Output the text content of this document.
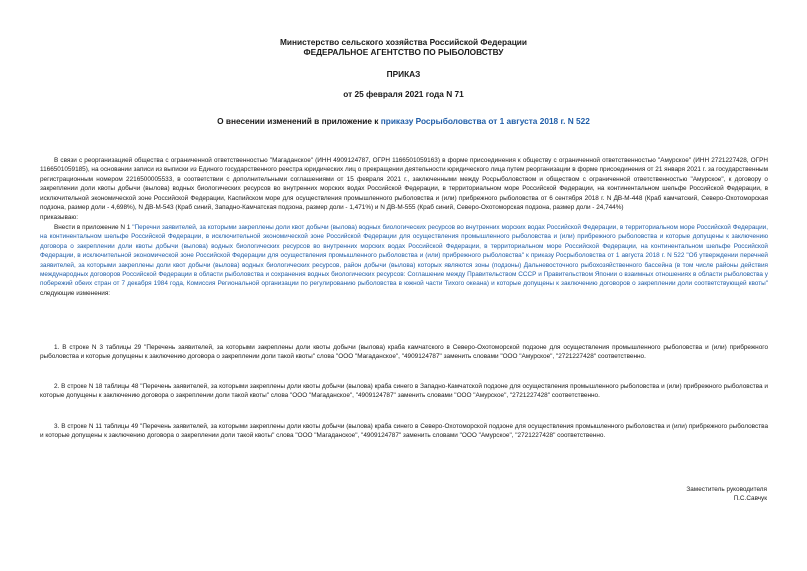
Министерство сельского хозяйства Российской Федерации
ФЕДЕРАЛЬНОЕ АГЕНТСТВО ПО РЫБОЛОВСТВУ
ПРИКАЗ
от 25 февраля 2021 года N 71
О внесении изменений в приложение к приказу Росрыболовства от 1 августа 2018 г. N 522
В связи с реорганизацией общества с ограниченной ответственностью "Магаданское" (ИНН 4909124787, ОГРН 1166501059163) в форме присоединения к обществу с ограниченной ответственностью "Амурское" (ИНН 2721227428, ОГРН 1166501059185), на основании записи из выписки из Единого государственного реестра юридических лиц о прекращении деятельности юридического лица путем реорганизации в форме присоединения от 21 января 2021 г. за государственным регистрационным номером 2216500005533, в соответствии с дополнительными соглашениями от 15 февраля 2021 г., заключенными между Росрыболовством и обществом с ограниченной ответственностью "Амурское", к договору о закреплении доли квоты добычи (вылова) водных биологических ресурсов во внутренних морских водах Российской Федерации, в территориальном море Российской Федерации, на континентальном шельфе Российской Федерации, в исключительной экономической зоне Российской Федерации, Каспийском море для осуществления промышленного рыболовства и (или) прибрежного рыболовства от 6 сентября 2018 г. N ДВ-М-448 (Краб камчатский, Северо-Охотоморская подзона, размер доли - 4,698%), N ДВ-М-543 (Краб синий, Западно-Камчатская подзона, размер доли - 1,471%) и N ДВ-М-555 (Краб синий, Северо-Охотоморская подзона, размер доли - 24,744%)
приказываю:
Внести в приложение N 1 "Перечни заявителей, за которыми закреплены доли квот добычи (вылова) водных биологических ресурсов во внутренних морских водах Российской Федерации, в территориальном море Российской Федерации, на континентальном шельфе Российской Федерации, в исключительной экономической зоне Российской Федерации для осуществления промышленного рыболовства и (или) прибрежного рыболовства и которые допущены к заключению договора о закреплении доли квоты добычи (вылова) водных биологических ресурсов во внутренних морских водах Российской Федерации, в территориальном море Российской Федерации, на континентальном шельфе Российской Федерации, в исключительной экономической зоне Российской Федерации для осуществления промышленного рыболовства и (или) прибрежного рыболовства" к приказу Росрыболовства от 1 августа 2018 г. N 522 "Об утверждении перечней заявителей, за которыми закреплены доли квот добычи (вылова) водных биологических ресурсов, район добычи (вылова) которых являются зоны (подзоны) Дальневосточного рыбохозяйственного бассейна (в том числе районы действия международных договоров Российской Федерации в области рыболовства и сохранения водных биологических ресурсов: Соглашение между Правительством СССР и Правительством Японии о взаимных отношениях в области рыболовства у побережий обеих стран от 7 декабря 1984 года, Комиссия Региональной организации по регулированию рыболовства в южной части Тихого океана) и которые допущены к заключению договоров о закреплении доли соответствующей квоты" следующие изменения:
1. В строке N 3 таблицы 29 "Перечень заявителей, за которыми закреплены доли квоты добычи (вылова) краба камчатского в Северо-Охотоморской подзоне для осуществления промышленного рыболовства и (или) прибрежного рыболовства и которые допущены к заключению договора о закреплении доли такой квоты" слова "ООО "Магаданское", "4909124787" заменить словами "ООО "Амурское", "2721227428" соответственно.
2. В строке N 18 таблицы 48 "Перечень заявителей, за которыми закреплены доли квоты добычи (вылова) краба синего в Западно-Камчатской подзоне для осуществления промышленного рыболовства и (или) прибрежного рыболовства и которые допущены к заключению договора о закреплении доли такой квоты" слова "ООО "Магаданское", "4909124787" заменить словами "ООО "Амурское", "2721227428" соответственно.
3. В строке N 11 таблицы 49 "Перечень заявителей, за которыми закреплены доли квоты добычи (вылова) краба синего в Северо-Охотоморской подзоне для осуществления промышленного рыболовства и (или) прибрежного рыболовства и которые допущены к заключению договора о закреплении доли такой квоты" слова "ООО "Магаданское", "4909124787" заменить словами "ООО "Амурское", "2721227428" соответственно.
Заместитель руководителя
П.С.Савчук
